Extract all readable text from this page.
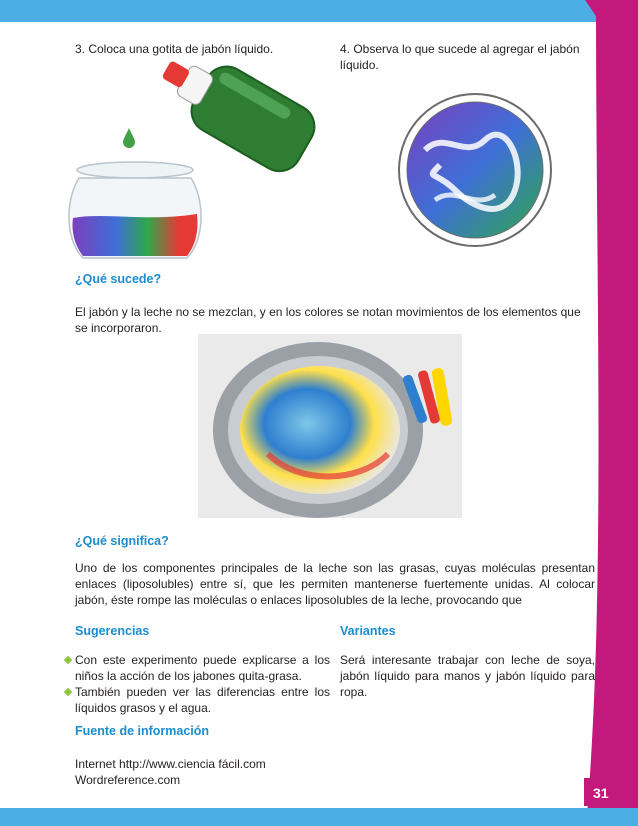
31
3. Coloca una gotita de jabón líquido.	4. Observa lo que sucede al agregar el jabón líquido.
¿Qué sucede?
El jabón y la leche no se mezclan, y en los colores se notan movimientos de los elementos que se incorporaron.
¿Qué significa?
Uno de los componentes principales de la leche son las grasas, cuyas moléculas presentan enlaces (liposolubles) entre sí, que les permiten mantenerse fuertemente unidas. Al colocar jabón, éste rompe las moléculas o enlaces liposolubles de la leche, provocando que
Sugerencias
Con este experimento puede explicarse a los niños la acción de los jabones quita-grasa.
También pueden ver las diferencias entre los líquidos grasos y el agua.
Variantes
Será interesante trabajar con leche de soya, jabón líquido para manos y jabón líquido para ropa.
Fuente de información
Internet http://www.ciencia fácil.com
Wordreference.com
